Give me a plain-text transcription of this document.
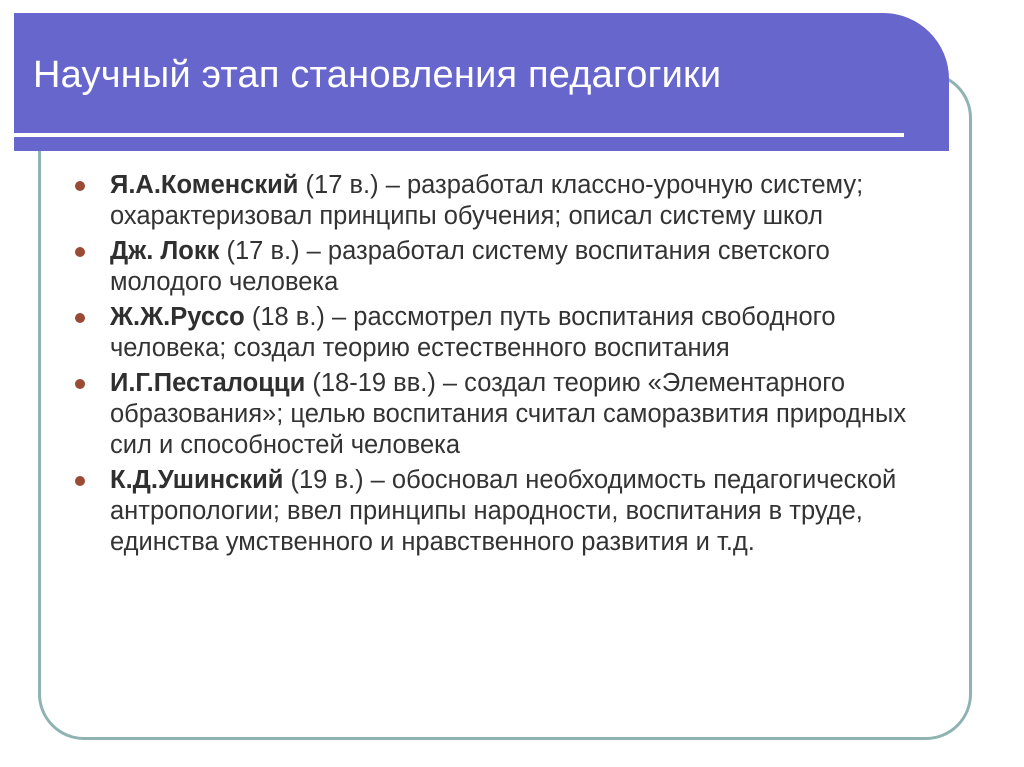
Научный этап становления педагогики
Я.А.Коменский (17 в.) – разработал классно-урочную систему; охарактеризовал принципы обучения; описал систему школ
Дж. Локк (17 в.) – разработал систему воспитания светского молодого человека
Ж.Ж.Руссо (18 в.) – рассмотрел путь воспитания свободного человека; создал теорию естественного воспитания
И.Г.Песталоцци (18-19 вв.) – создал теорию «Элементарного образования»; целью воспитания считал саморазвития природных сил и способностей человека
К.Д.Ушинский (19 в.) – обосновал необходимость педагогической антропологии; ввел принципы народности, воспитания в труде, единства умственного и нравственного развития и т.д.
